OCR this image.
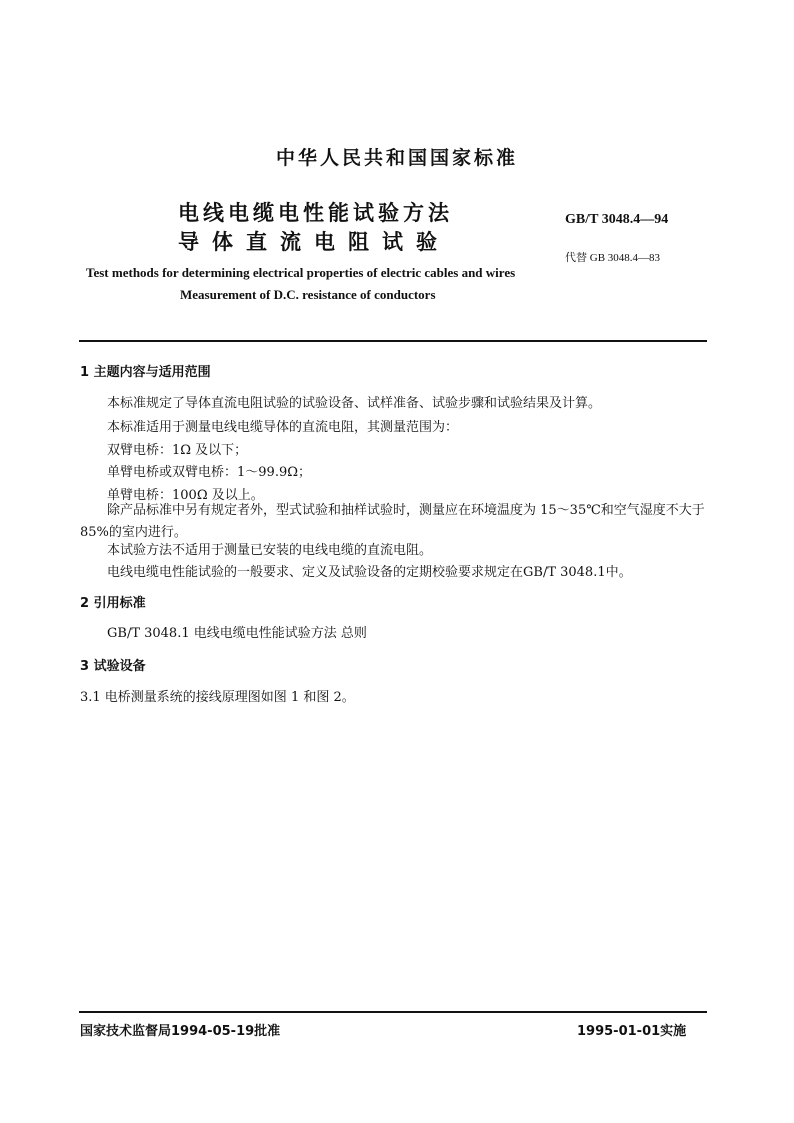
中华人民共和国国家标准
电线电缆电性能试验方法
导体直流电阻试验
GB/T 3048.4—94
代替 GB 3048.4—83
Test methods for determining electrical properties of electric cables and wires
Measurement of D.C. resistance of conductors
1 主题内容与适用范围
本标准规定了导体直流电阻试验的试验设备、试样准备、试验步骤和试验结果及计算。
本标准适用于测量电线电缆导体的直流电阻，其测量范围为：
双臂电桥：1Ω 及以下；
单臂电桥或双臂电桥：1～99.9Ω；
单臂电桥：100Ω 及以上。
除产品标准中另有规定者外，型式试验和抽样试验时，测量应在环境温度为 15～35℃和空气湿度不大于 85%的室内进行。
本试验方法不适用于测量已安装的电线电缆的直流电阻。
电线电缆电性能试验的一般要求、定义及试验设备的定期校验要求规定在GB/T 3048.1中。
2 引用标准
GB/T 3048.1 电线电缆电性能试验方法 总则
3 试验设备
3.1 电桥测量系统的接线原理图如图 1 和图 2。
国家技术监督局1994-05-19批准	1995-01-01实施
